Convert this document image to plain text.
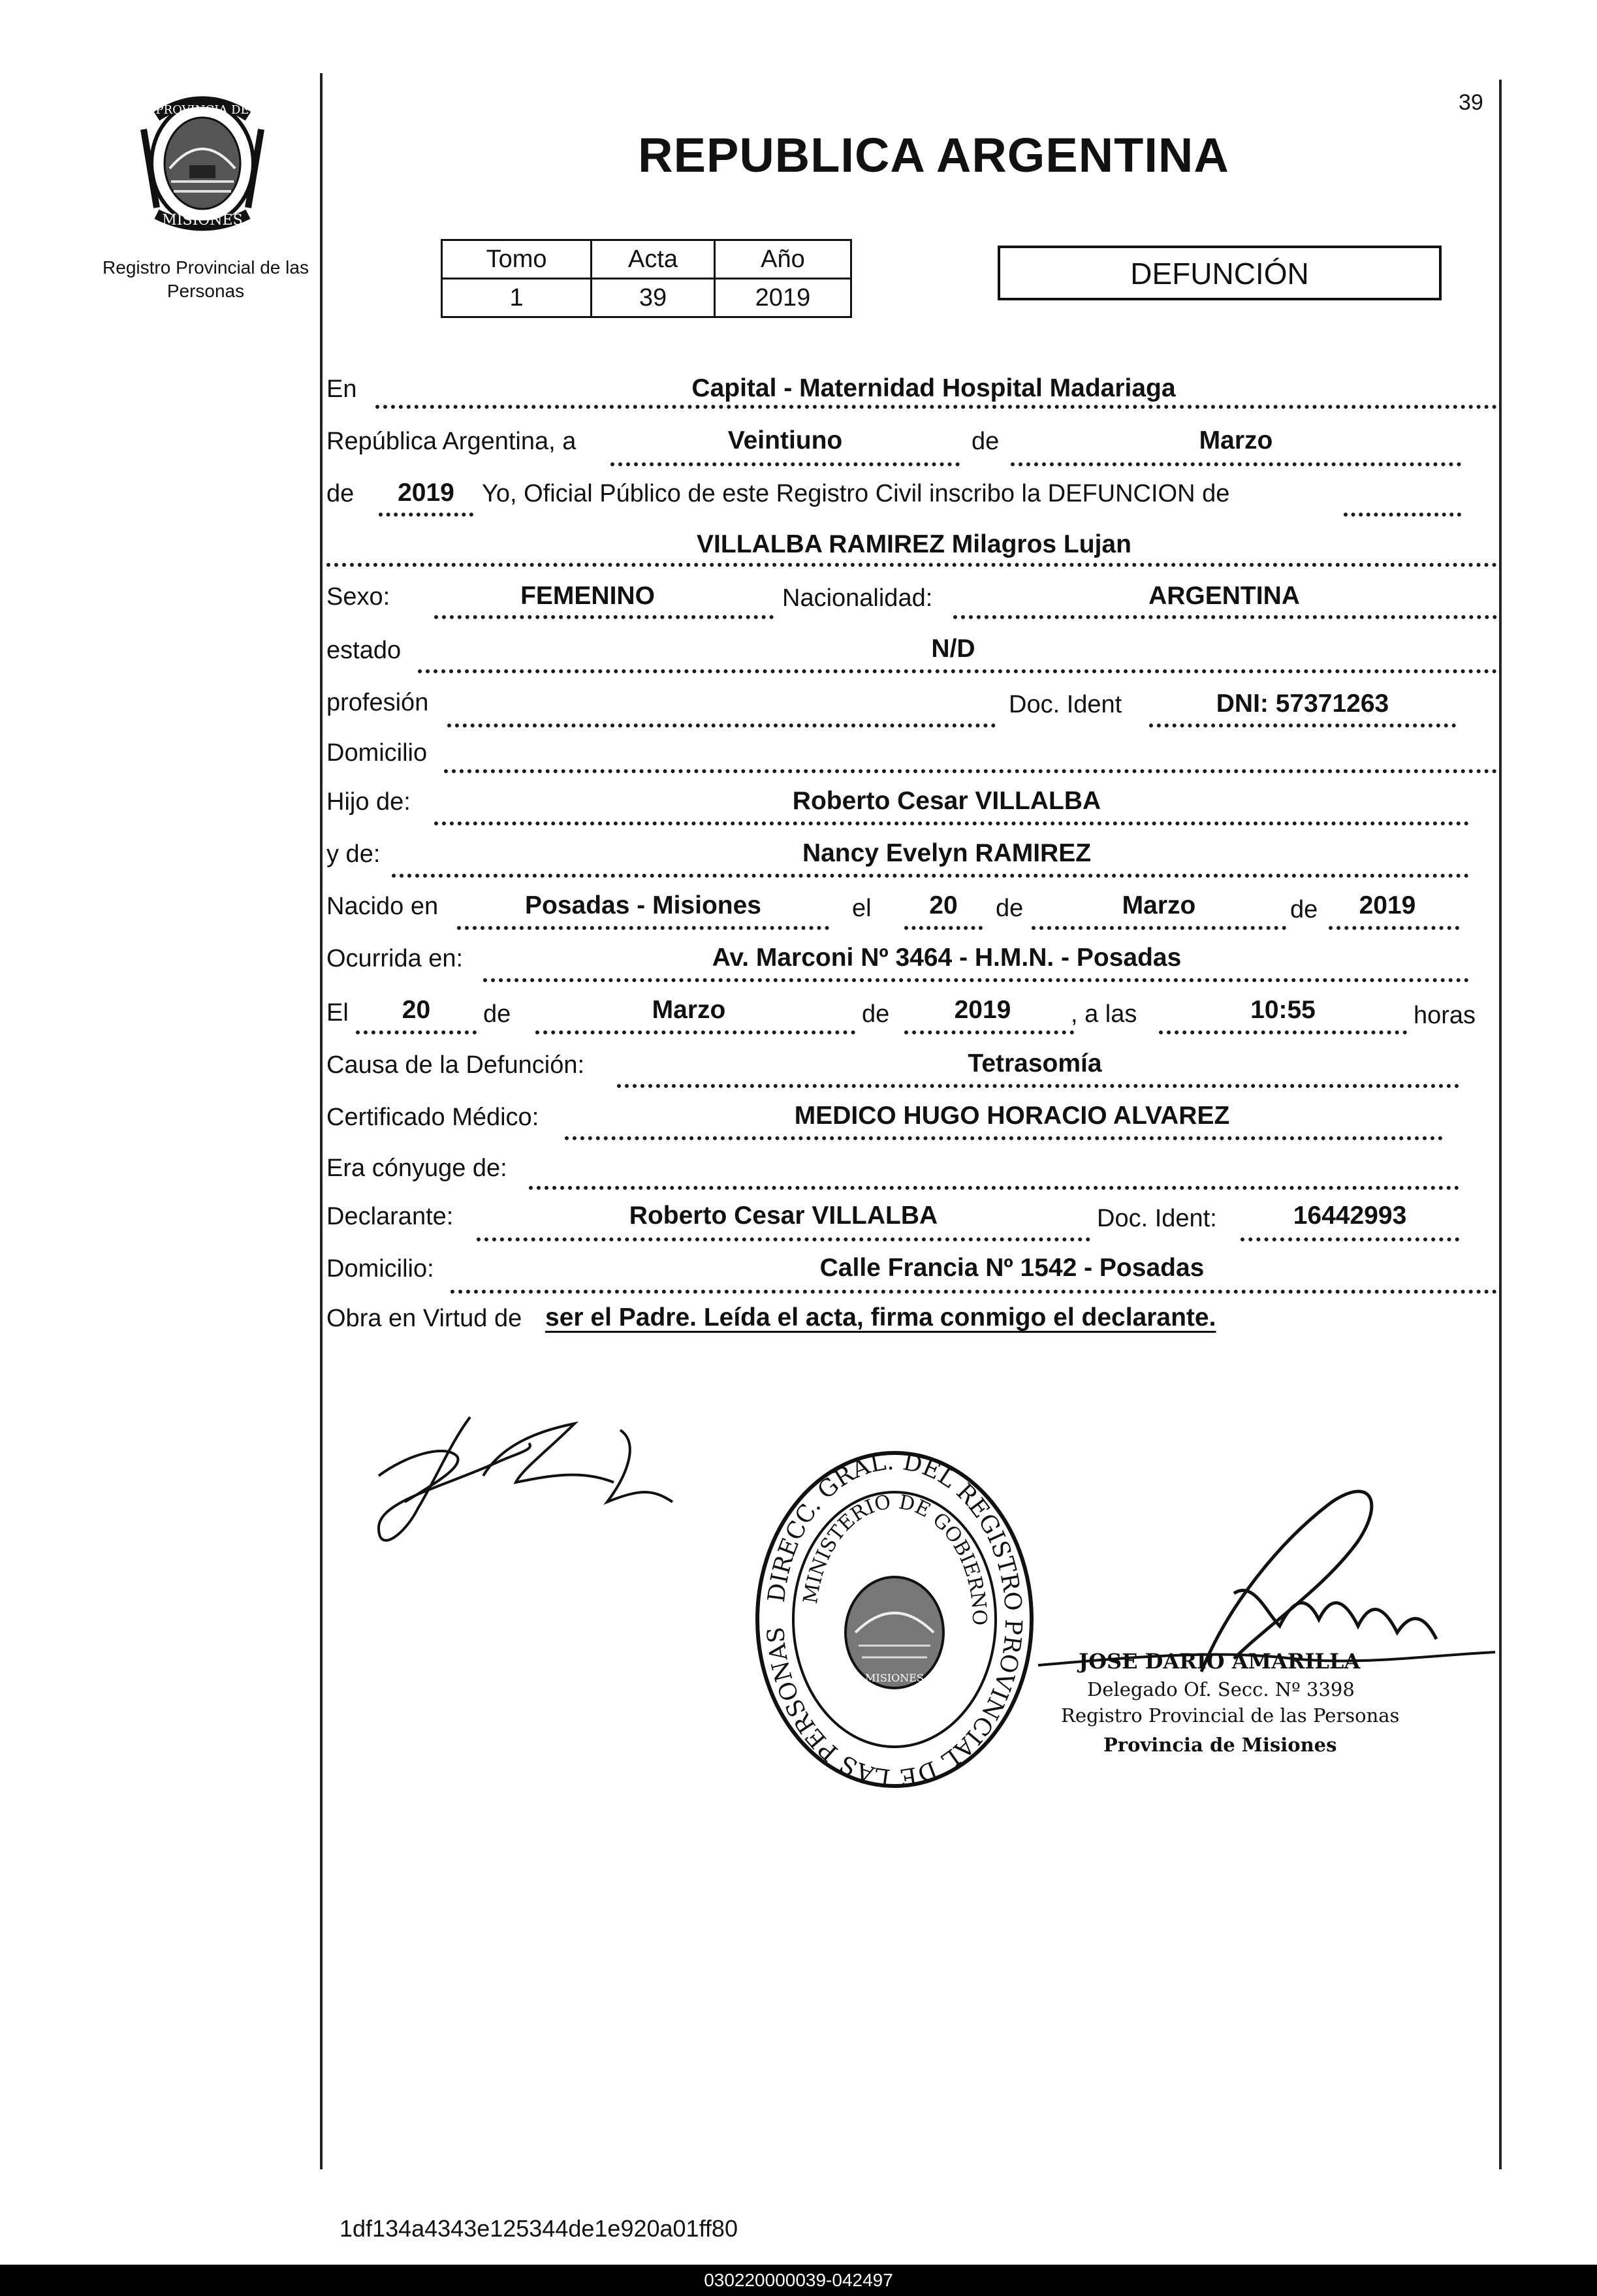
PROVINCIA DE
MISIONES
Registro Provincial de las Personas
39
REPUBLICA ARGENTINA
Tomo	Acta	Año
1	39	2019
DEFUNCIÓN
En	Capital - Maternidad Hospital Madariaga
República Argentina, a	Veintiuno	de	Marzo
de	2019	Yo, Oficial Público de este Registro Civil inscribo la DEFUNCION de
VILLALBA RAMIREZ Milagros Lujan
Sexo:	FEMENINO	Nacionalidad:	ARGENTINA
estado	N/D
profesión	Doc. Ident	DNI: 57371263
Domicilio
Hijo de:	Roberto Cesar VILLALBA
y de:	Nancy Evelyn RAMIREZ
Nacido en	Posadas - Misiones	el	20	de	Marzo	de	2019
Ocurrida en:	Av. Marconi Nº 3464 - H.M.N. - Posadas
El	20	de	Marzo	de	2019	, a las	10:55	horas
Causa de la Defunción:	Tetrasomía
Certificado Médico:	MEDICO HUGO HORACIO ALVAREZ
Era cónyuge de:
Declarante:	Roberto Cesar VILLALBA	Doc. Ident:	16442993
Domicilio:	Calle Francia Nº 1542 - Posadas
Obra en Virtud de ser el Padre. Leída el acta, firma conmigo el declarante.
DIRECC. GRAL. DEL REGISTRO PROVINCIAL DE LAS PERSONAS
MINISTERIO DE GOBIERNO
MISIONES
JOSE DARIO AMARILLA
Delegado Of. Secc. Nº 3398
Registro Provincial de las Personas
Provincia de Misiones
1df134a4343e125344de1e920a01ff80
030220000039-042497
